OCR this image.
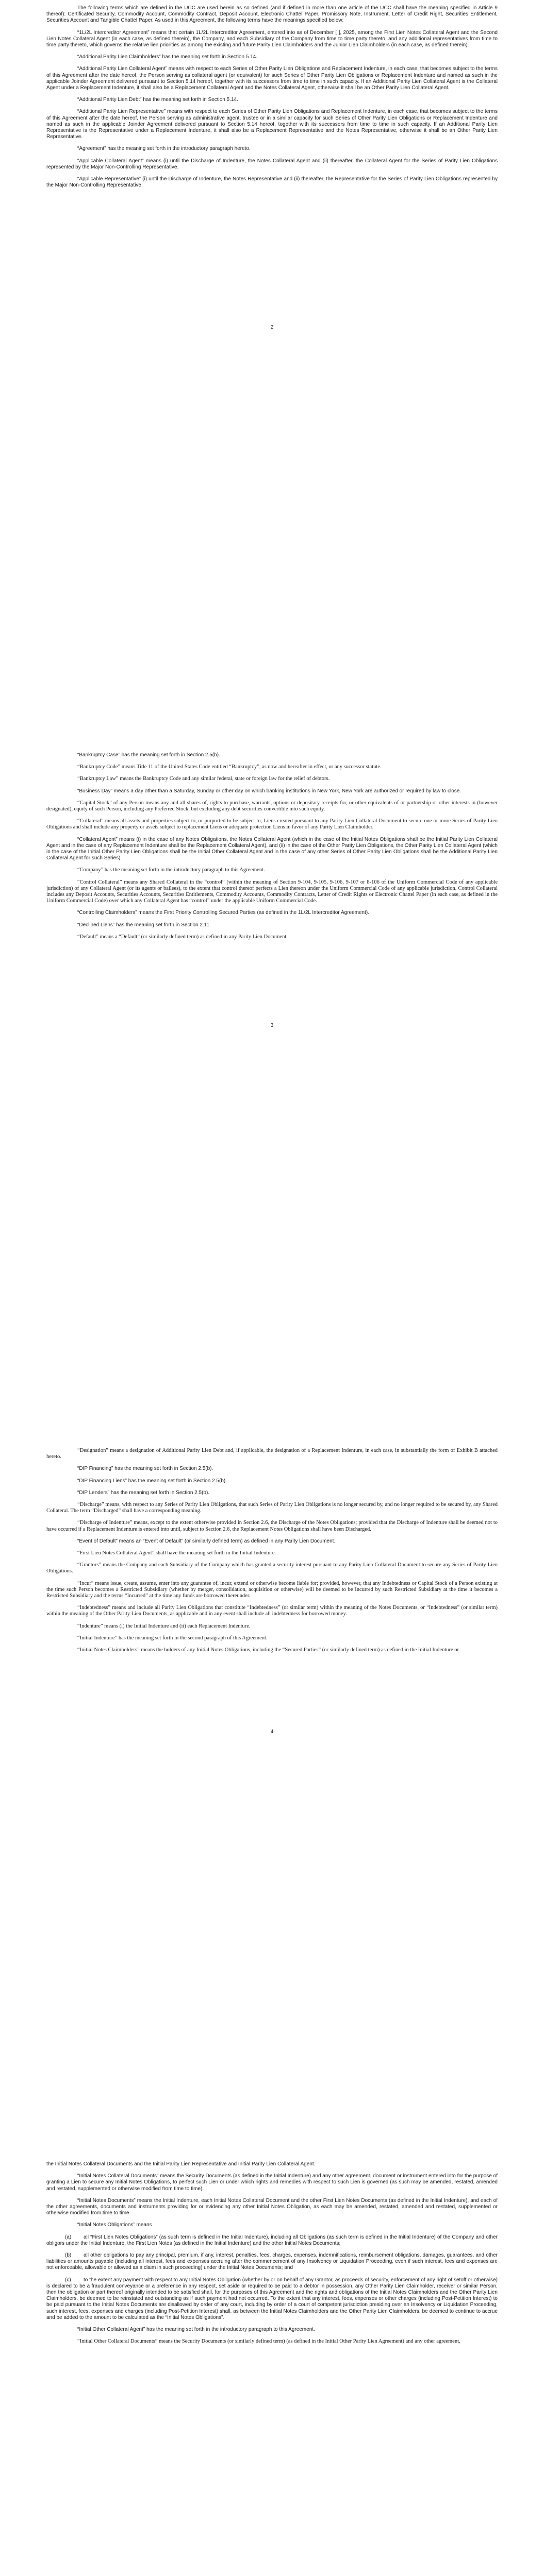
The following terms which are defined in the UCC are used herein as so defined (and if defined in more than one article of the UCC shall have the meaning specified in Article 9 thereof): Certificated Security, Commodity Account, Commodity Contract, Deposit Account, Electronic Chattel Paper, Promissory Note, Instrument, Letter of Credit Right, Securities Entitlement, Securities Account and Tangible Chattel Paper. As used in this Agreement, the following terms have the meanings specified below:

“1L/2L Intercreditor Agreement” means that certain 1L/2L Intercreditor Agreement, entered into as of December [ ], 2025, among the First Lien Notes Collateral Agent and the Second Lien Notes Collateral Agent (in each case, as defined therein), the Company, and each Subsidiary of the Company from time to time party thereto, and any additional representatives from time to time party thereto, which governs the relative lien priorities as among the existing and future Parity Lien Claimholders and the Junior Lien Claimholders (in each case, as defined therein).

“Additional Parity Lien Claimholders” has the meaning set forth in Section 5.14.

“Additional Parity Lien Collateral Agent” means with respect to each Series of Other Parity Lien Obligations and Replacement Indenture, in each case, that becomes subject to the terms of this Agreement after the date hereof, the Person serving as collateral agent (or equivalent) for such Series of Other Parity Lien Obligations or Replacement Indenture and named as such in the applicable Joinder Agreement delivered pursuant to Section 5.14 hereof, together with its successors from time to time in such capacity. If an Additional Parity Lien Collateral Agent is the Collateral Agent under a Replacement Indenture, it shall also be a Replacement Collateral Agent and the Notes Collateral Agent, otherwise it shall be an Other Parity Lien Collateral Agent.

“Additional Parity Lien Debt” has the meaning set forth in Section 5.14.

“Additional Parity Lien Representative” means with respect to each Series of Other Parity Lien Obligations and Replacement Indenture, in each case, that becomes subject to the terms of this Agreement after the date hereof, the Person serving as administrative agent, trustee or in a similar capacity for such Series of Other Parity Lien Obligations or Replacement Indenture and named as such in the applicable Joinder Agreement delivered pursuant to Section 5.14 hereof, together with its successors from time to time in such capacity. If an Additional Parity Lien Representative is the Representative under a Replacement Indenture, it shall also be a Replacement Representative and the Notes Representative, otherwise it shall be an Other Parity Lien Representative.

“Agreement” has the meaning set forth in the introductory paragraph hereto.

“Applicable Collateral Agent” means (i) until the Discharge of Indenture, the Notes Collateral Agent and (ii) thereafter, the Collateral Agent for the Series of Parity Lien Obligations represented by the Major Non-Controlling Representative.

“Applicable Representative” (i) until the Discharge of Indenture, the Notes Representative and (ii) thereafter, the Representative for the Series of Parity Lien Obligations represented by the Major Non-Controlling Representative.

2

“Bankruptcy Case” has the meaning set forth in Section 2.5(b).

“Bankruptcy Code” means Title 11 of the United States Code entitled “Bankruptcy”, as now and hereafter in effect, or any successor statute.

“Bankruptcy Law” means the Bankruptcy Code and any similar federal, state or foreign law for the relief of debtors.

“Business Day” means a day other than a Saturday, Sunday or other day on which banking institutions in New York, New York are authorized or required by law to close.

“Capital Stock” of any Person means any and all shares of, rights to purchase, warrants, options or depositary receipts for, or other equivalents of or partnership or other interests in (however designated), equity of such Person, including any Preferred Stock, but excluding any debt securities convertible into such equity.

“Collateral” means all assets and properties subject to, or purported to be subject to, Liens created pursuant to any Parity Lien Collateral Document to secure one or more Series of Parity Lien Obligations and shall include any property or assets subject to replacement Liens or adequate protection Liens in favor of any Parity Lien Claimholder.

“Collateral Agent” means (i) in the case of any Notes Obligations, the Notes Collateral Agent (which in the case of the Initial Notes Obligations shall be the Initial Parity Lien Collateral Agent and in the case of any Replacement Indenture shall be the Replacement Collateral Agent), and (ii) in the case of the Other Parity Lien Obligations, the Other Parity Lien Collateral Agent (which in the case of the Initial Other Parity Lien Obligations shall be the Initial Other Collateral Agent and in the case of any other Series of Other Parity Lien Obligations shall be the Additional Parity Lien Collateral Agent for such Series).

“Company” has the meaning set forth in the introductory paragraph to this Agreement.

“Control Collateral” means any Shared Collateral in the “control” (within the meaning of Section 9-104, 9-105, 9-106, 9-107 or 8-106 of the Uniform Commercial Code of any applicable jurisdiction) of any Collateral Agent (or its agents or bailees), to the extent that control thereof perfects a Lien thereon under the Uniform Commercial Code of any applicable jurisdiction. Control Collateral includes any Deposit Accounts, Securities Accounts, Securities Entitlements, Commodity Accounts, Commodity Contracts, Letter of Credit Rights or Electronic Chattel Paper (in each case, as defined in the Uniform Commercial Code) over which any Collateral Agent has “control” under the applicable Uniform Commercial Code.

“Controlling Claimholders” means the First Priority Controlling Secured Parties (as defined in the 1L/2L Intercreditor Agreement).

“Declined Liens” has the meaning set forth in Section 2.11.

“Default” means a “Default” (or similarly defined term) as defined in any Parity Lien Document.

3

“Designation” means a designation of Additional Parity Lien Debt and, if applicable, the designation of a Replacement Indenture, in each case, in substantially the form of Exhibit B attached hereto.

“DIP Financing” has the meaning set forth in Section 2.5(b).

“DIP Financing Liens” has the meaning set forth in Section 2.5(b).

“DIP Lenders” has the meaning set forth in Section 2.5(b).

“Discharge” means, with respect to any Series of Parity Lien Obligations, that such Series of Parity Lien Obligations is no longer secured by, and no longer required to be secured by, any Shared Collateral. The term “Discharged” shall have a corresponding meaning.

“Discharge of Indenture” means, except to the extent otherwise provided in Section 2.6, the Discharge of the Notes Obligations; provided that the Discharge of Indenture shall be deemed not to have occurred if a Replacement Indenture is entered into until, subject to Section 2.6, the Replacement Notes Obligations shall have been Discharged.

“Event of Default” means an “Event of Default” (or similarly defined term) as defined in any Parity Lien Document.

“First Lien Notes Collateral Agent” shall have the meaning set forth in the Initial Indenture.

“Grantors” means the Company and each Subsidiary of the Company which has granted a security interest pursuant to any Parity Lien Collateral Document to secure any Series of Parity Lien Obligations.

“Incur” means issue, create, assume, enter into any guarantee of, incur, extend or otherwise become liable for; provided, however, that any Indebtedness or Capital Stock of a Person existing at the time such Person becomes a Restricted Subsidiary (whether by merger, consolidation, acquisition or otherwise) will be deemed to be Incurred by such Restricted Subsidiary at the time it becomes a Restricted Subsidiary and the terms “Incurred” at the time any funds are borrowed thereunder.

“Indebtedness” means and include all Parity Lien Obligations that constitute “Indebtedness” (or similar term) within the meaning of the Notes Documents, or “Indebtedness” (or similar term) within the meaning of the Other Parity Lien Documents, as applicable and in any event shall include all indebtedness for borrowed money.

“Indenture” means (i) the Initial Indenture and (ii) each Replacement Indenture.

“Initial Indenture” has the meaning set forth in the second paragraph of this Agreement.

“Initial Notes Claimholders” means the holders of any Initial Notes Obligations, including the “Secured Parties” (or similarly defined term) as defined in the Initial Indenture or

4

the Initial Notes Collateral Documents and the Initial Parity Lien Representative and Initial Parity Lien Collateral Agent.

“Initial Notes Collateral Documents” means the Security Documents (as defined in the Initial Indenture) and any other agreement, document or instrument entered into for the purpose of granting a Lien to secure any Initial Notes Obligations, to perfect such Lien or under which rights and remedies with respect to such Lien is governed (as such may be amended, restated, amended and restated, supplemented or otherwise modified from time to time).

“Initial Notes Documents” means the Initial Indenture, each Initial Notes Collateral Document and the other First Lien Notes Documents (as defined in the Initial Indenture), and each of the other agreements, documents and instruments providing for or evidencing any other Initial Notes Obligation, as each may be amended, restated, amended and restated, supplemented or otherwise modified from time to time.

“Initial Notes Obligations” means

(a) all “First Lien Notes Obligations” (as such term is defined in the Initial Indenture), including all Obligations (as such term is defined in the Initial Indenture) of the Company and other obligors under the Initial Indenture, the First Lien Notes (as defined in the Initial Indenture) and the other Initial Notes Documents;

(b) all other obligations to pay any principal, premium, if any, interest, penalties, fees, charges, expenses, indemnifications, reimbursement obligations, damages, guarantees, and other liabilities or amounts payable (including all interest, fees and expenses accruing after the commencement of any Insolvency or Liquidation Proceeding, even if such interest, fees and expenses are not enforceable, allowable or allowed as a claim in such proceeding) under the Initial Notes Documents; and

(c) to the extent any payment with respect to any Initial Notes Obligation (whether by or on behalf of any Grantor, as proceeds of security, enforcement of any right of setoff or otherwise) is declared to be a fraudulent conveyance or a preference in any respect, set aside or required to be paid to a debtor in possession, any Other Parity Lien Claimholder, receiver or similar Person, then the obligation or part thereof originally intended to be satisfied shall, for the purposes of this Agreement and the rights and obligations of the Initial Notes Claimholders and the Other Parity Lien Claimholders, be deemed to be reinstated and outstanding as if such payment had not occurred. To the extent that any interest, fees, expenses or other charges (including Post-Petition Interest) to be paid pursuant to the Initial Notes Documents are disallowed by order of any court, including by order of a court of competent jurisdiction presiding over an Insolvency or Liquidation Proceeding, such interest, fees, expenses and charges (including Post-Petition Interest) shall, as between the Initial Notes Claimholders and the Other Parity Lien Claimholders, be deemed to continue to accrue and be added to the amount to be calculated as the “Initial Notes Obligations”.

“Initial Other Collateral Agent” has the meaning set forth in the introductory paragraph to this Agreement.

“Initial Other Collateral Documents” means the Security Documents (or similarly defined term) (as defined in the Initial Other Parity Lien Agreement) and any other agreement,
